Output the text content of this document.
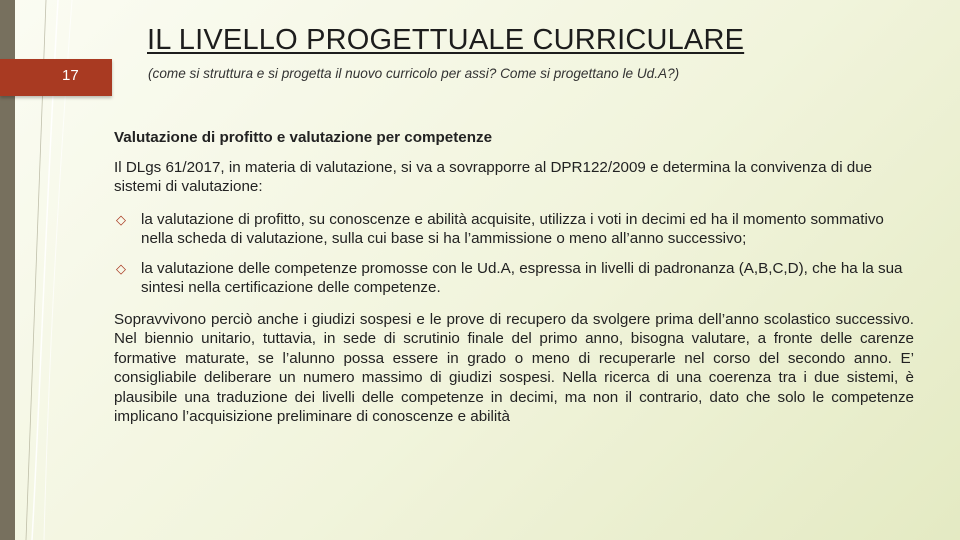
17
IL LIVELLO PROGETTUALE CURRICULARE
(come si struttura e si progetta il nuovo curricolo per assi? Come si progettano le Ud.A?)

Valutazione di profitto e valutazione per competenze

Il DLgs 61/2017, in materia di valutazione, si va a sovrapporre al DPR122/2009 e determina la convivenza di due sistemi di valutazione:

◇ la valutazione di profitto, su conoscenze e abilità acquisite, utilizza i voti in decimi ed ha il momento sommativo nella scheda di valutazione, sulla cui base si ha l’ammissione o meno all’anno successivo;
◇ la valutazione delle competenze promosse con le Ud.A, espressa in livelli di padronanza (A,B,C,D), che ha la sua sintesi nella certificazione delle competenze.

Sopravvivono perciò anche i giudizi sospesi e le prove di recupero da svolgere prima dell’anno scolastico successivo. Nel biennio unitario, tuttavia, in sede di scrutinio finale del primo anno, bisogna valutare, a fronte delle carenze formative maturate, se l’alunno possa essere in grado o meno di recuperarle nel corso del secondo anno. E’ consigliabile deliberare un numero massimo di giudizi sospesi. Nella ricerca di una coerenza tra i due sistemi, è plausibile una traduzione dei livelli delle competenze in decimi, ma non il contrario, dato che solo le competenze implicano l’acquisizione preliminare di conoscenze e abilità
